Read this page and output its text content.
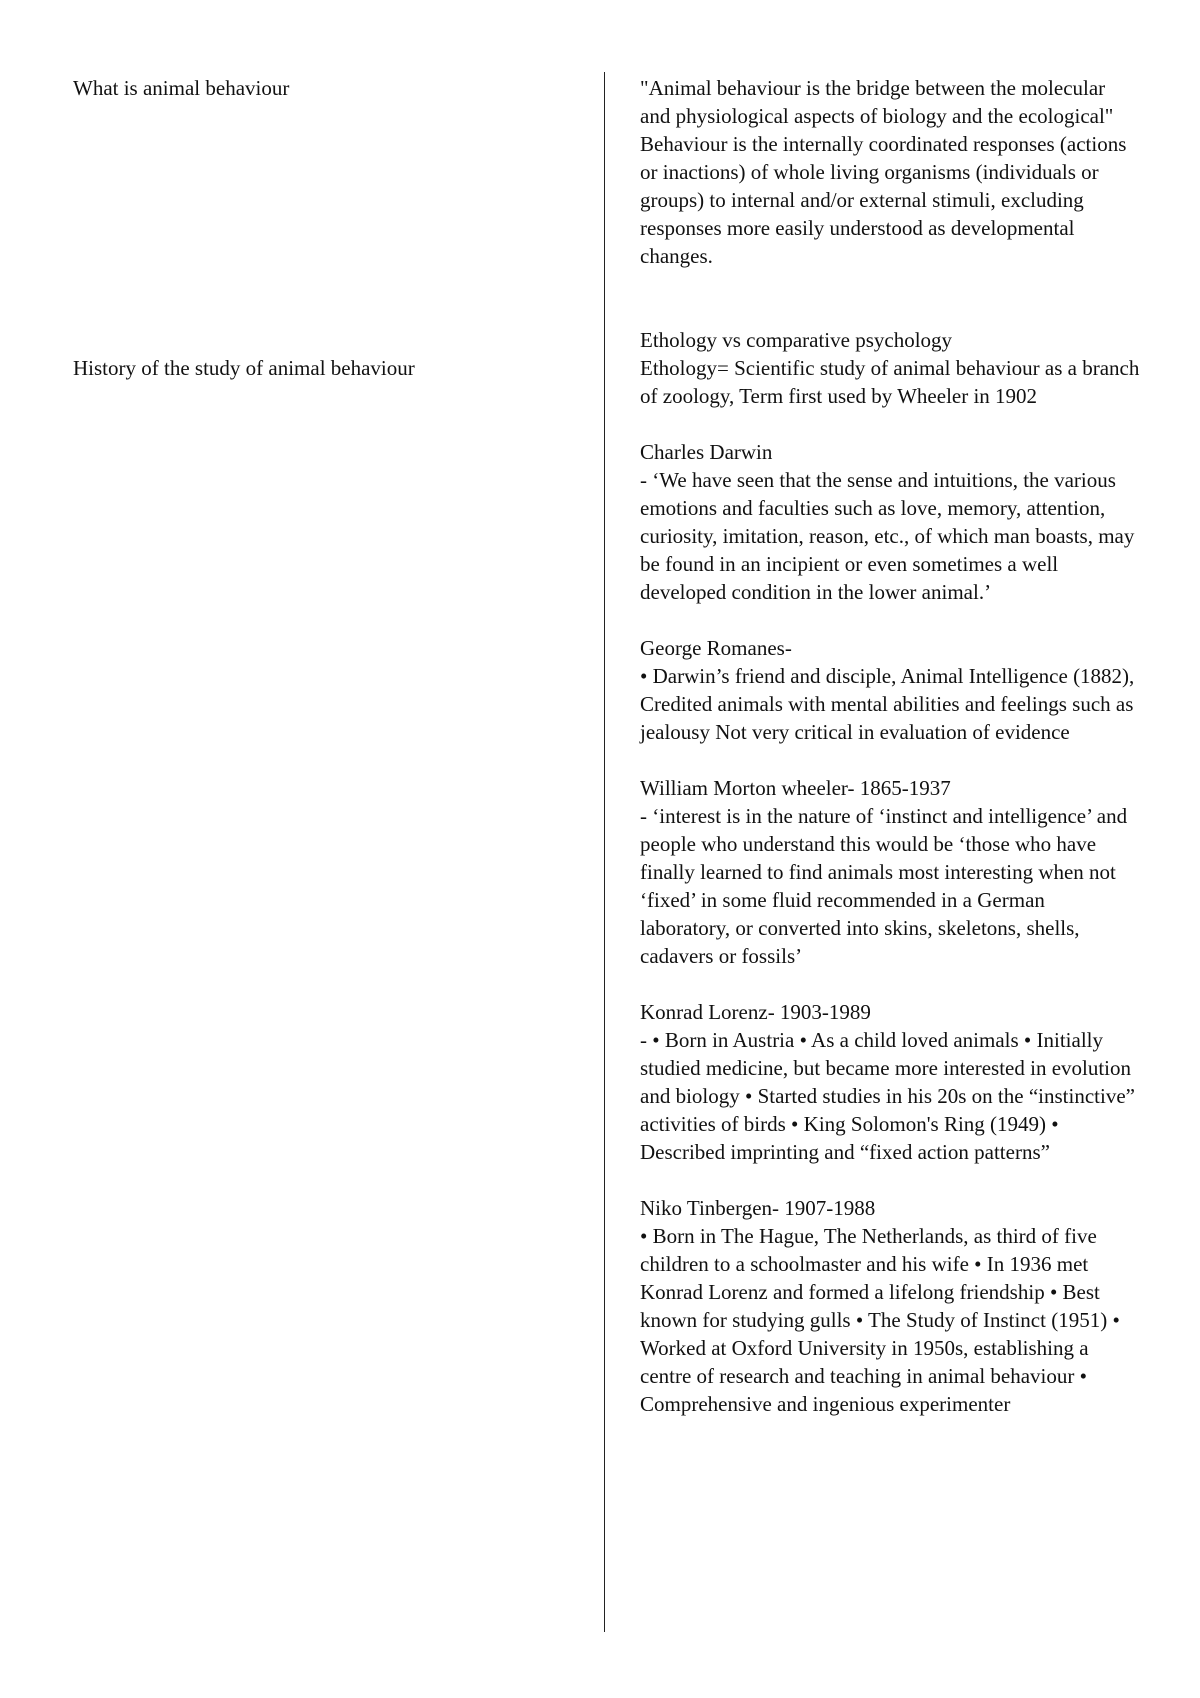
What is animal behaviour
History of the study of animal behaviour

"Animal behaviour is the bridge between the molecular and physiological aspects of biology and the ecological"

Behaviour is the internally coordinated responses (actions or inactions) of whole living organisms (individuals or groups) to internal and/or external stimuli, excluding responses more easily understood as developmental changes.

Ethology vs comparative psychology

Ethology= Scientific study of animal behaviour as a branch of zoology, Term first used by Wheeler in 1902

Charles Darwin

- ‘We have seen that the sense and intuitions, the various emotions and faculties such as love, memory, attention, curiosity, imitation, reason, etc., of which man boasts, may be found in an incipient or even sometimes a well developed condition in the lower animal.’

George Romanes-

• Darwin’s friend and disciple, Animal Intelligence (1882), Credited animals with mental abilities and feelings such as jealousy Not very critical in evaluation of evidence

William Morton wheeler- 1865-1937

- ‘interest is in the nature of ‘instinct and intelligence’ and people who understand this would be ‘those who have finally learned to find animals most interesting when not ‘fixed’ in some fluid recommended in a German laboratory, or converted into skins, skeletons, shells, cadavers or fossils’

Konrad Lorenz- 1903-1989

- • Born in Austria • As a child loved animals • Initially studied medicine, but became more interested in evolution and biology • Started studies in his 20s on the “instinctive” activities of birds • King Solomon's Ring (1949) • Described imprinting and “fixed action patterns”

Niko Tinbergen- 1907-1988

• Born in The Hague, The Netherlands, as third of five children to a schoolmaster and his wife • In 1936 met Konrad Lorenz and formed a lifelong friendship • Best known for studying gulls • The Study of Instinct (1951) • Worked at Oxford University in 1950s, establishing a centre of research and teaching in animal behaviour • Comprehensive and ingenious experimenter
